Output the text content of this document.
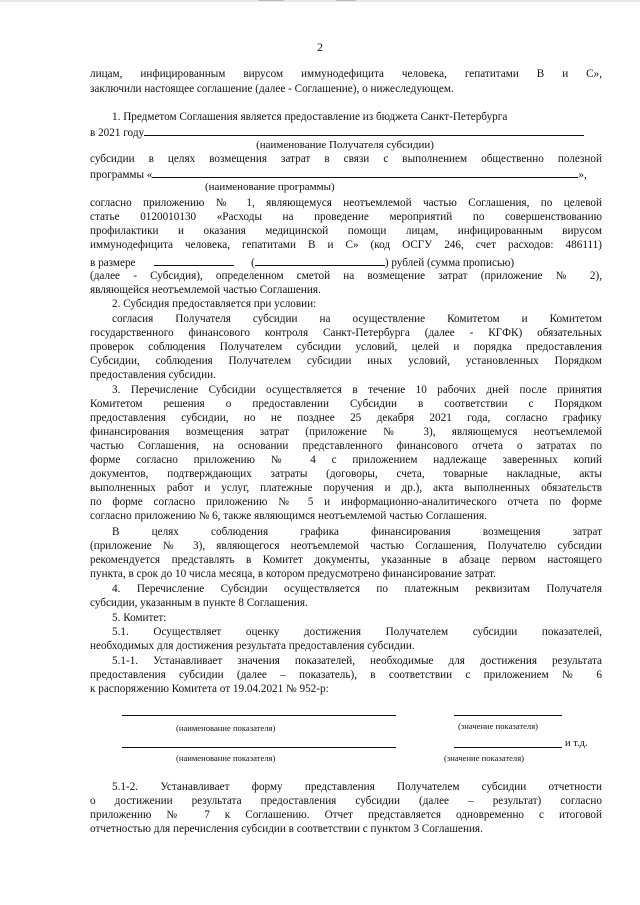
2
лицам, инфицированным вирусом иммунодефицита человека, гепатитами В и С»,
заключили настоящее соглашение (далее - Соглашение), о нижеследующем.
1. Предметом Соглашения является предоставление из бюджета Санкт-Петербурга
в 2021 году
(наименование Получателя субсидии)
субсидии в целях возмещения затрат в связи с выполнением общественно полезной
программы «	»,
(наименование программы)
согласно приложению № 1, являющемуся неотъемлемой частью Соглашения, по целевой
статье 0120010130 «Расходы на проведение мероприятий по совершенствованию
профилактики и оказания медицинской помощи лицам, инфицированным вирусом
иммунодефицита человека, гепатитами В и С» (код ОСГУ 246, счет расходов: 486111)
в размере	(	) рублей (сумма прописью)
(далее - Субсидия), определенном сметой на возмещение затрат (приложение № 2),
являющейся неотъемлемой частью Соглашения.
2. Субсидия предоставляется при условии:
согласия Получателя субсидии на осуществление Комитетом и Комитетом
государственного финансового контроля Санкт-Петербурга (далее - КГФК) обязательных
проверок соблюдения Получателем субсидии условий, целей и порядка предоставления
Субсидии, соблюдения Получателем субсидии иных условий, установленных Порядком
предоставления субсидии.
3. Перечисление Субсидии осуществляется в течение 10 рабочих дней после принятия
Комитетом решения о предоставлении Субсидии в соответствии с Порядком
предоставления субсидии, но не позднее 25 декабря 2021 года, согласно графику
финансирования возмещения затрат (приложение № 3), являющемуся неотъемлемой
частью Соглашения, на основании представленного финансового отчета о затратах по
форме согласно приложению № 4 с приложением надлежаще заверенных копий
документов, подтверждающих затраты (договоры, счета, товарные накладные, акты
выполненных работ и услуг, платежные поручения и др.), акта выполненных обязательств
по форме согласно приложению № 5 и информационно-аналитического отчета по форме
согласно приложению № 6, также являющимся неотъемлемой частью Соглашения.
В целях соблюдения графика финансирования возмещения затрат
(приложение № 3), являющегося неотъемлемой частью Соглашения, Получателю субсидии
рекомендуется представлять в Комитет документы, указанные в абзаце первом настоящего
пункта, в срок до 10 числа месяца, в котором предусмотрено финансирование затрат.
4. Перечисление Субсидии осуществляется по платежным реквизитам Получателя
субсидии, указанным в пункте 8 Соглашения.
5. Комитет:
5.1. Осуществляет оценку достижения Получателем субсидии показателей,
необходимых для достижения результата предоставления субсидии.
5.1-1. Устанавливает значения показателей, необходимые для достижения результата
предоставления субсидии (далее – показатель), в соответствии с приложением № 6
к распоряжению Комитета от 19.04.2021 № 952-р:
(наименование показателя)	(значение показателя)
и т.д.
(наименование показателя)	(значение показателя)
5.1-2. Устанавливает форму представления Получателем субсидии отчетности
о достижении результата предоставления субсидии (далее – результат) согласно
приложению № 7 к Соглашению. Отчет представляется одновременно с итоговой
отчетностью для перечисления субсидии в соответствии с пунктом 3 Соглашения.
